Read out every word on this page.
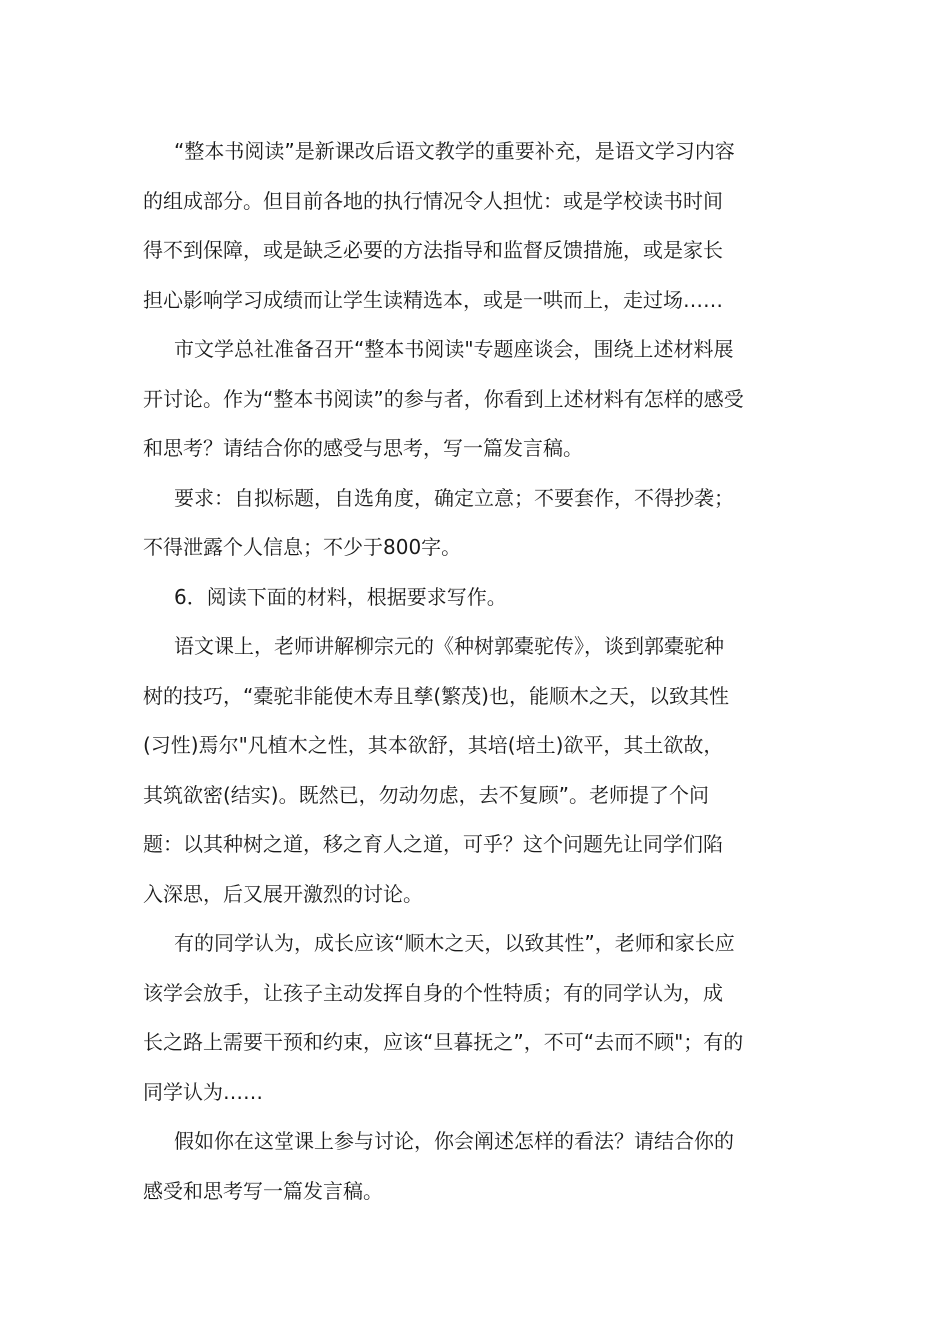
“整本书阅读”是新课改后语文教学的重要补充，是语文学习内容
的组成部分。但目前各地的执行情况令人担忧：或是学校读书时间
得不到保障，或是缺乏必要的方法指导和监督反馈措施，或是家长
担心影响学习成绩而让学生读精选本，或是一哄而上，走过场……
市文学总社准备召开“整本书阅读"专题座谈会，围绕上述材料展
开讨论。作为“整本书阅读”的参与者，你看到上述材料有怎样的感受
和思考？请结合你的感受与思考，写一篇发言稿。
要求：自拟标题，自选角度，确定立意；不要套作，不得抄袭；
不得泄露个人信息；不少于800字。
6．阅读下面的材料，根据要求写作。
语文课上，老师讲解柳宗元的《种树郭橐驼传》，谈到郭橐驼种
树的技巧，“橐驼非能使木寿且孳(繁茂)也，能顺木之天，以致其性
(习性)焉尔"凡植木之性，其本欲舒，其培(培土)欲平，其土欲故，
其筑欲密(结实)。既然已，勿动勿虑，去不复顾”。老师提了个问
题：以其种树之道，移之育人之道，可乎？这个问题先让同学们陷
入深思，后又展开激烈的讨论。
有的同学认为，成长应该“顺木之天，以致其性”，老师和家长应
该学会放手，让孩子主动发挥自身的个性特质；有的同学认为，成
长之路上需要干预和约束，应该“旦暮抚之”，不可“去而不顾"；有的
同学认为……
假如你在这堂课上参与讨论，你会阐述怎样的看法？请结合你的
感受和思考写一篇发言稿。
